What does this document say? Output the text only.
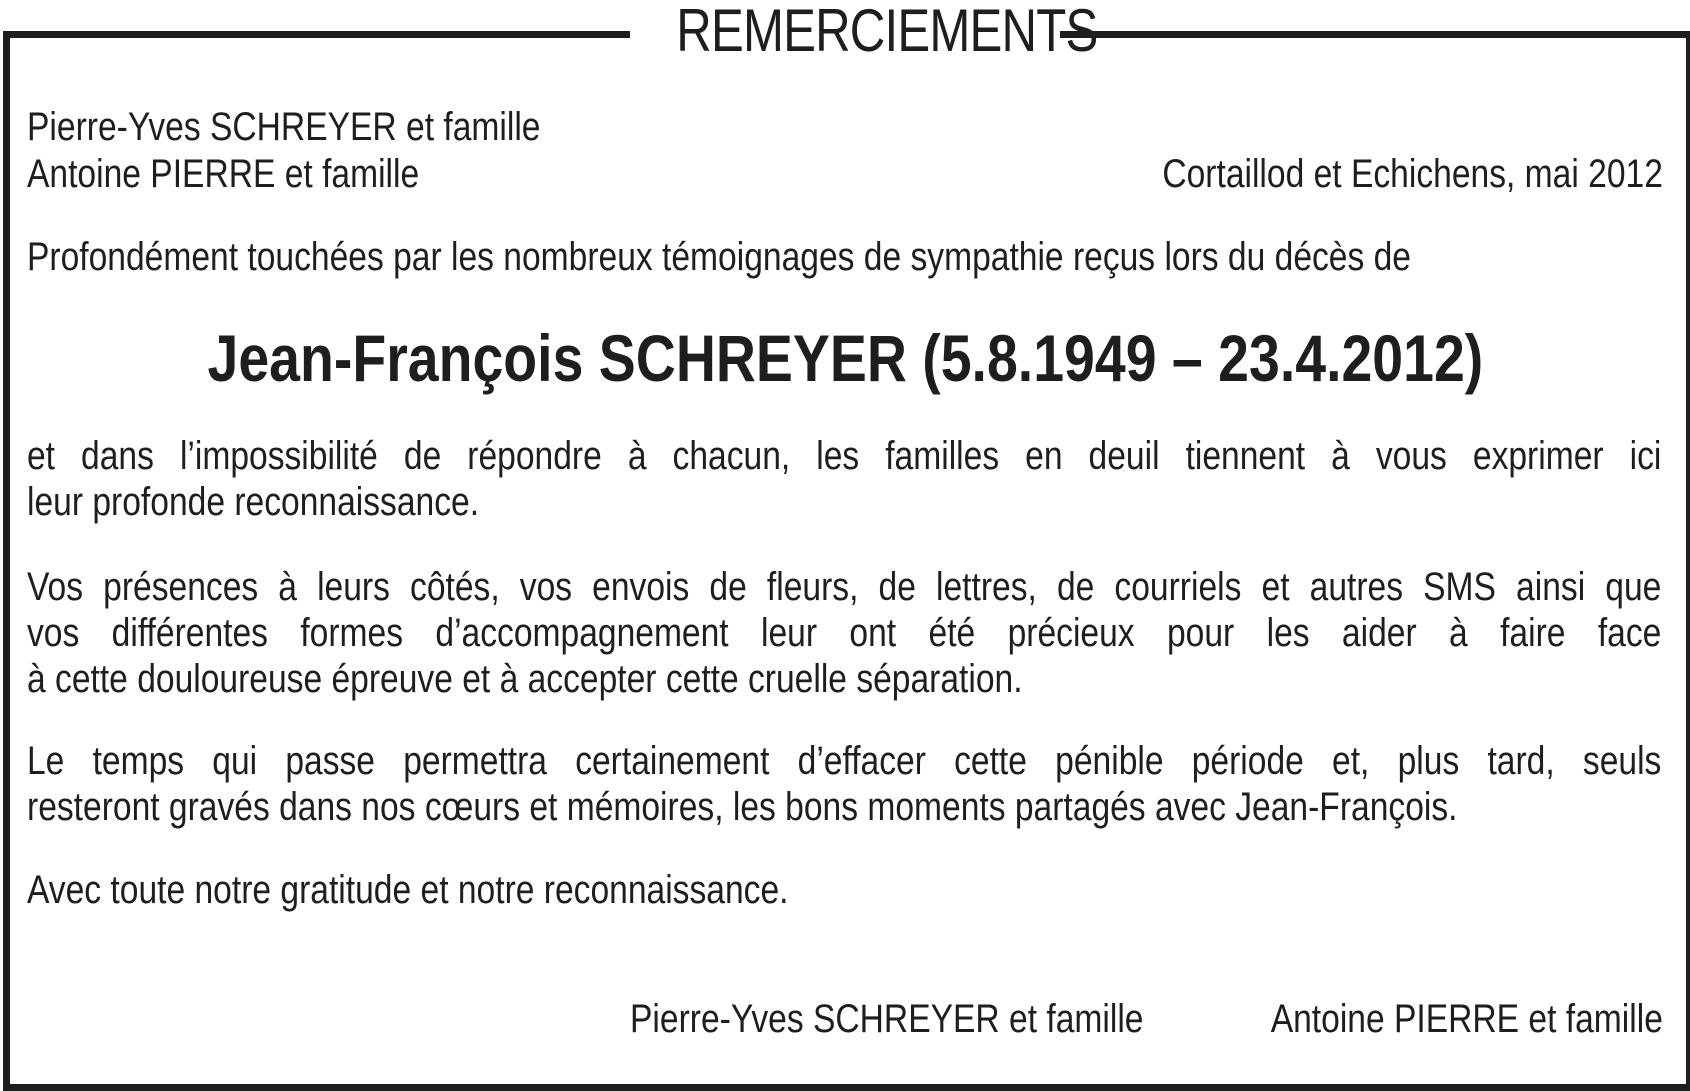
REMERCIEMENTS
Pierre-Yves SCHREYER et famille
Antoine PIERRE et famille	Cortaillod et Echichens, mai 2012
Profondément touchées par les nombreux témoignages de sympathie reçus lors du décès de
Jean-François SCHREYER (5.8.1949 – 23.4.2012)
et dans l’impossibilité de répondre à chacun, les familles en deuil tiennent à vous exprimer ici
leur profonde reconnaissance.
Vos présences à leurs côtés, vos envois de fleurs, de lettres, de courriels et autres SMS ainsi que
vos différentes formes d’accompagnement leur ont été précieux pour les aider à faire face
à cette douloureuse épreuve et à accepter cette cruelle séparation.
Le temps qui passe permettra certainement d’effacer cette pénible période et, plus tard, seuls
resteront gravés dans nos cœurs et mémoires, les bons moments partagés avec Jean-François.
Avec toute notre gratitude et notre reconnaissance.
Pierre-Yves SCHREYER et famille	Antoine PIERRE et famille
